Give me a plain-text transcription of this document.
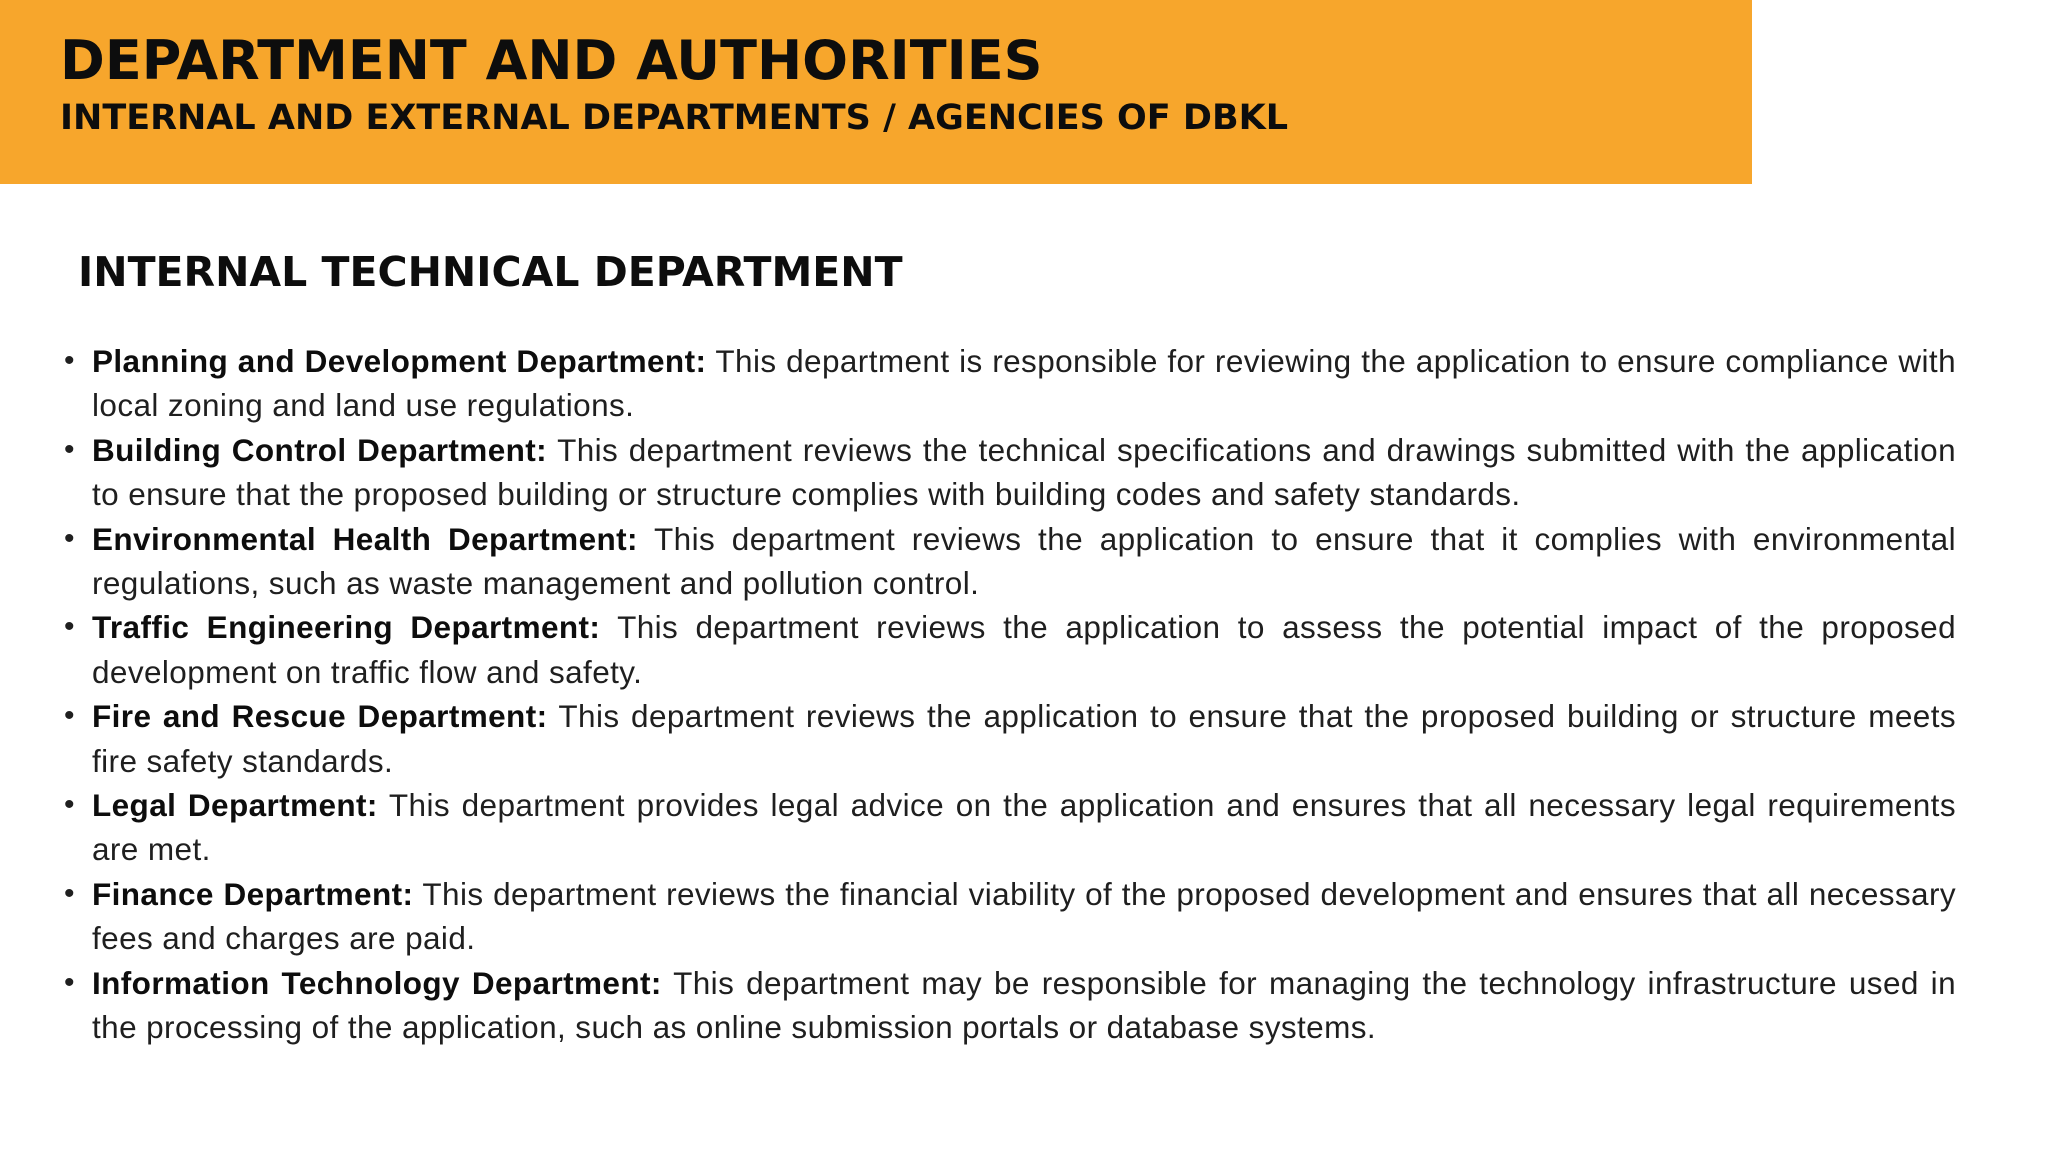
DEPARTMENT AND AUTHORITIES
INTERNAL AND EXTERNAL DEPARTMENTS / AGENCIES OF DBKL
INTERNAL TECHNICAL DEPARTMENT
• Planning and Development Department: This department is responsible for reviewing the application to ensure compliance with local zoning and land use regulations.
• Building Control Department: This department reviews the technical specifications and drawings submitted with the application to ensure that the proposed building or structure complies with building codes and safety standards.
• Environmental Health Department: This department reviews the application to ensure that it complies with environmental regulations, such as waste management and pollution control.
• Traffic Engineering Department: This department reviews the application to assess the potential impact of the proposed development on traffic flow and safety.
• Fire and Rescue Department: This department reviews the application to ensure that the proposed building or structure meets fire safety standards.
• Legal Department: This department provides legal advice on the application and ensures that all necessary legal requirements are met.
• Finance Department: This department reviews the financial viability of the proposed development and ensures that all necessary fees and charges are paid.
• Information Technology Department: This department may be responsible for managing the technology infrastructure used in the processing of the application, such as online submission portals or database systems.
